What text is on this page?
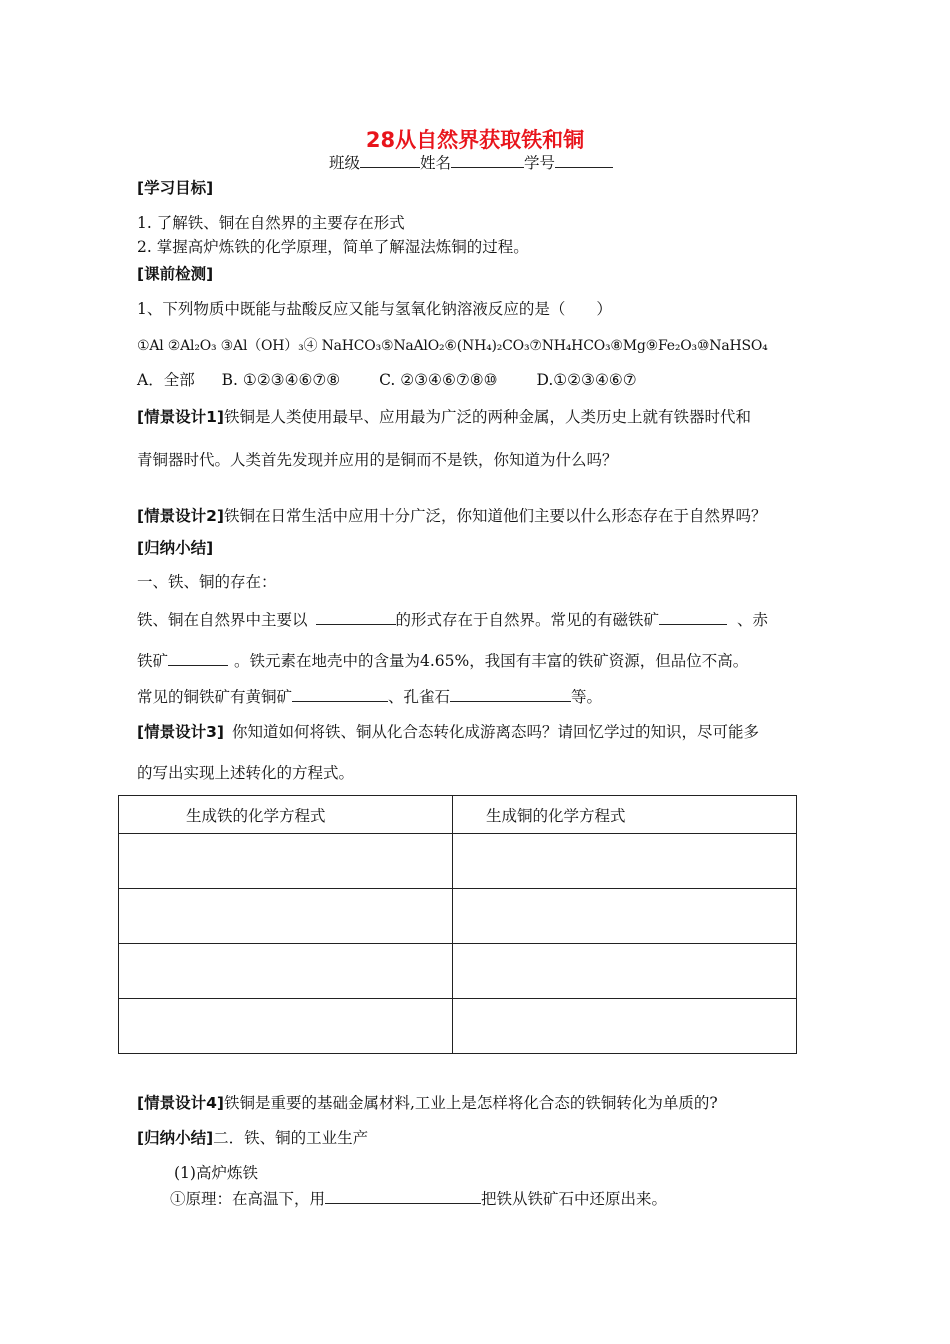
28从自然界获取铁和铜
班级	姓名	学号
[学习目标]
1. 了解铁、铜在自然界的主要存在形式
2. 掌握高炉炼铁的化学原理，简单了解湿法炼铜的过程。
[课前检测]
1、下列物质中既能与盐酸反应又能与氢氧化钠溶液反应的是（　　）
①Al ②Al₂O₃ ③Al（OH）₃④ NaHCO₃⑤NaAlO₂⑥(NH₄)₂CO₃⑦NH₄HCO₃⑧Mg⑨Fe₂O₃⑩NaHSO₄
A．全部 B. ①②③④⑥⑦⑧	C. ②③④⑥⑦⑧⑩	D.①②③④⑥⑦
[情景设计1]铁铜是人类使用最早、应用最为广泛的两种金属，人类历史上就有铁器时代和
青铜器时代。人类首先发现并应用的是铜而不是铁，你知道为什么吗？
[情景设计2]铁铜在日常生活中应用十分广泛，你知道他们主要以什么形态存在于自然界吗？
[归纳小结]
一、铁、铜的存在：
铁、铜在自然界中主要以	的形式存在于自然界。常见的有磁铁矿	、赤
铁矿	。铁元素在地壳中的含量为4.65%，我国有丰富的铁矿资源，但品位不高。
常见的铜铁矿有黄铜矿	、孔雀石	等。
[情景设计3] 你知道如何将铁、铜从化合态转化成游离态吗？请回忆学过的知识，尽可能多
的写出实现上述转化的方程式。
生成铁的化学方程式	生成铜的化学方程式

[情景设计4]铁铜是重要的基础金属材料,工业上是怎样将化合态的铁铜转化为单质的?
[归纳小结]二．铁、铜的工业生产
(1)高炉炼铁
①原理：在高温下，用	把铁从铁矿石中还原出来。
